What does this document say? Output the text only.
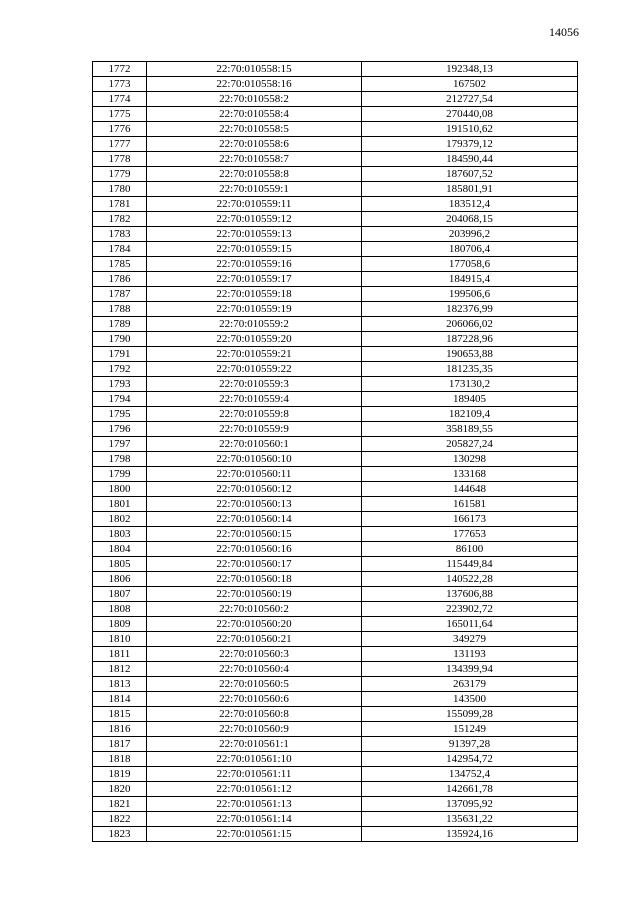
14056
1772	22:70:010558:15	192348,13
1773	22:70:010558:16	167502
1774	22:70:010558:2	212727,54
1775	22:70:010558:4	270440,08
1776	22:70:010558:5	191510,62
1777	22:70:010558:6	179379,12
1778	22:70:010558:7	184590,44
1779	22:70:010558:8	187607,52
1780	22:70:010559:1	185801,91
1781	22:70:010559:11	183512,4
1782	22:70:010559:12	204068,15
1783	22:70:010559:13	203996,2
1784	22:70:010559:15	180706,4
1785	22:70:010559:16	177058,6
1786	22:70:010559:17	184915,4
1787	22:70:010559:18	199506,6
1788	22:70:010559:19	182376,99
1789	22:70:010559:2	206066,02
1790	22:70:010559:20	187228,96
1791	22:70:010559:21	190653,88
1792	22:70:010559:22	181235,35
1793	22:70:010559:3	173130,2
1794	22:70:010559:4	189405
1795	22:70:010559:8	182109,4
1796	22:70:010559:9	358189,55
1797	22:70:010560:1	205827,24
1798	22:70:010560:10	130298
1799	22:70:010560:11	133168
1800	22:70:010560:12	144648
1801	22:70:010560:13	161581
1802	22:70:010560:14	166173
1803	22:70:010560:15	177653
1804	22:70:010560:16	86100
1805	22:70:010560:17	115449,84
1806	22:70:010560:18	140522,28
1807	22:70:010560:19	137606,88
1808	22:70:010560:2	223902,72
1809	22:70:010560:20	165011,64
1810	22:70:010560:21	349279
1811	22:70:010560:3	131193
1812	22:70:010560:4	134399,94
1813	22:70:010560:5	263179
1814	22:70:010560:6	143500
1815	22:70:010560:8	155099,28
1816	22:70:010560:9	151249
1817	22:70:010561:1	91397,28
1818	22:70:010561:10	142954,72
1819	22:70:010561:11	134752,4
1820	22:70:010561:12	142661,78
1821	22:70:010561:13	137095,92
1822	22:70:010561:14	135631,22
1823	22:70:010561:15	135924,16
